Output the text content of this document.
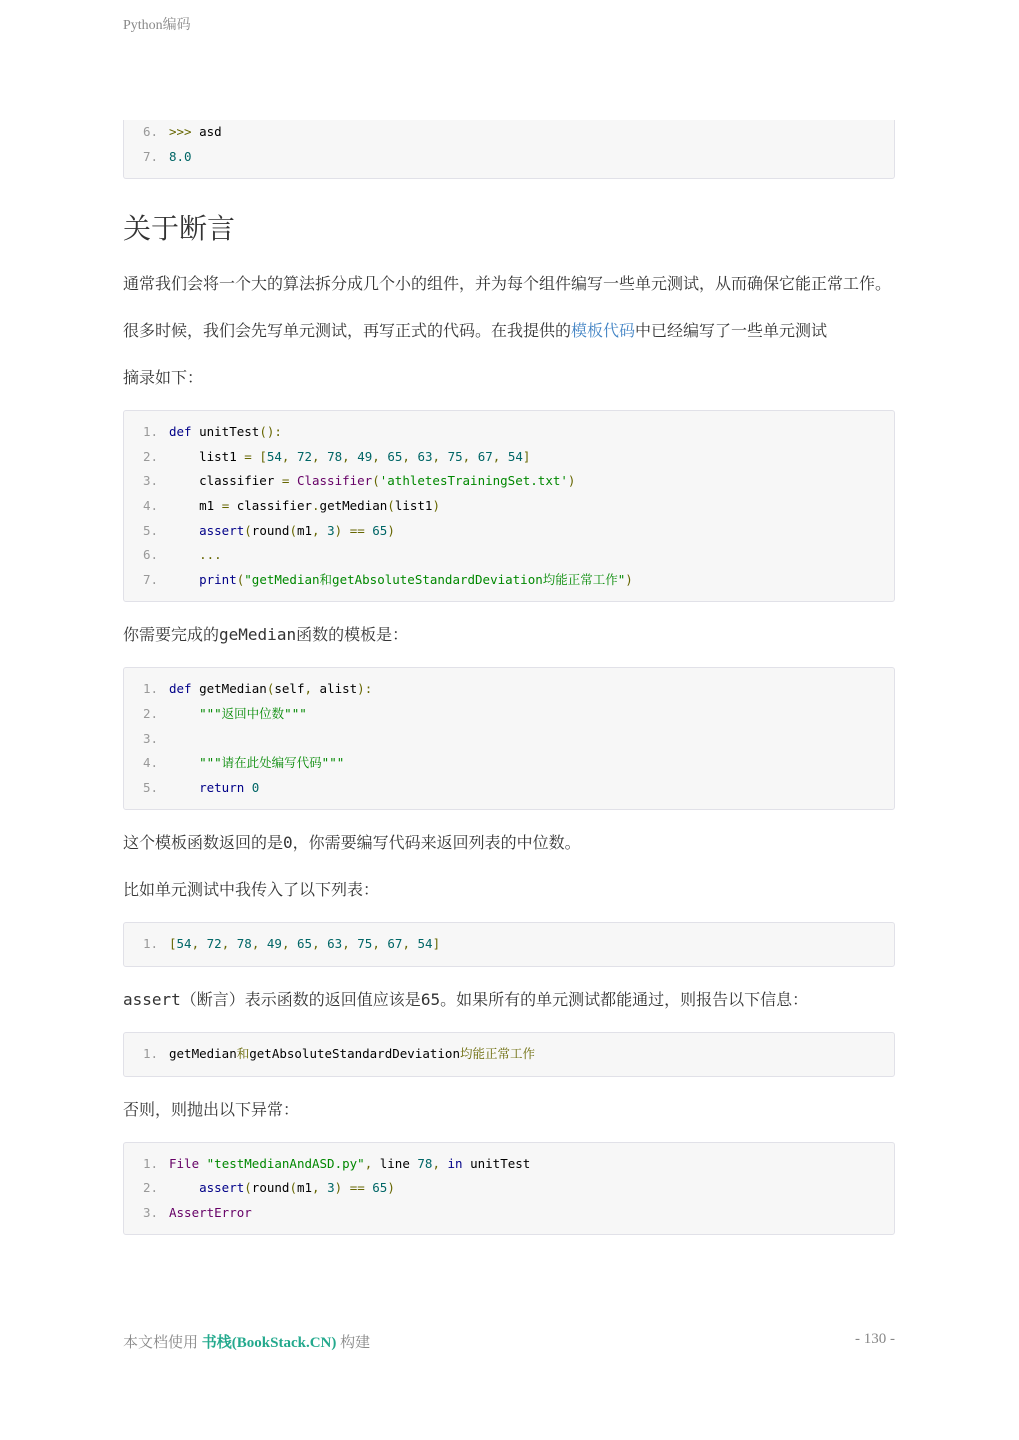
Python编码
6. >>> asd
7. 8.0
关于断言

通常我们会将一个大的算法拆分成几个小的组件，并为每个组件编写一些单元测试，从而确保它能正常工作。

很多时候，我们会先写单元测试，再写正式的代码。在我提供的模板代码中已经编写了一些单元测试

摘录如下：

1. def unitTest():
2.    list1 = [54, 72, 78, 49, 65, 63, 75, 67, 54]
3.    classifier = Classifier('athletesTrainingSet.txt')
4.    m1 = classifier.getMedian(list1)
5.	assert(round(m1, 3) == 65)
6.	...
7.	print("getMedian和getAbsoluteStandardDeviation均能正常工作")

你需要完成的geMedian函数的模板是：

1. def getMedian(self, alist):
2.	"""返回中位数"""
3.
4.	"""请在此处编写代码"""
5.	return 0

这个模板函数返回的是0，你需要编写代码来返回列表的中位数。

比如单元测试中我传入了以下列表：

1. [54, 72, 78, 49, 65, 63, 75, 67, 54]

assert（断言）表示函数的返回值应该是65。如果所有的单元测试都能通过，则报告以下信息：

1. getMedian和getAbsoluteStandardDeviation均能正常工作

否则，则抛出以下异常：

1. File "testMedianAndASD.py", line 78, in unitTest
2.	assert(round(m1, 3) == 65)
3. AssertError
本文档使用 书栈(BookStack.CN) 构建	- 130 -
